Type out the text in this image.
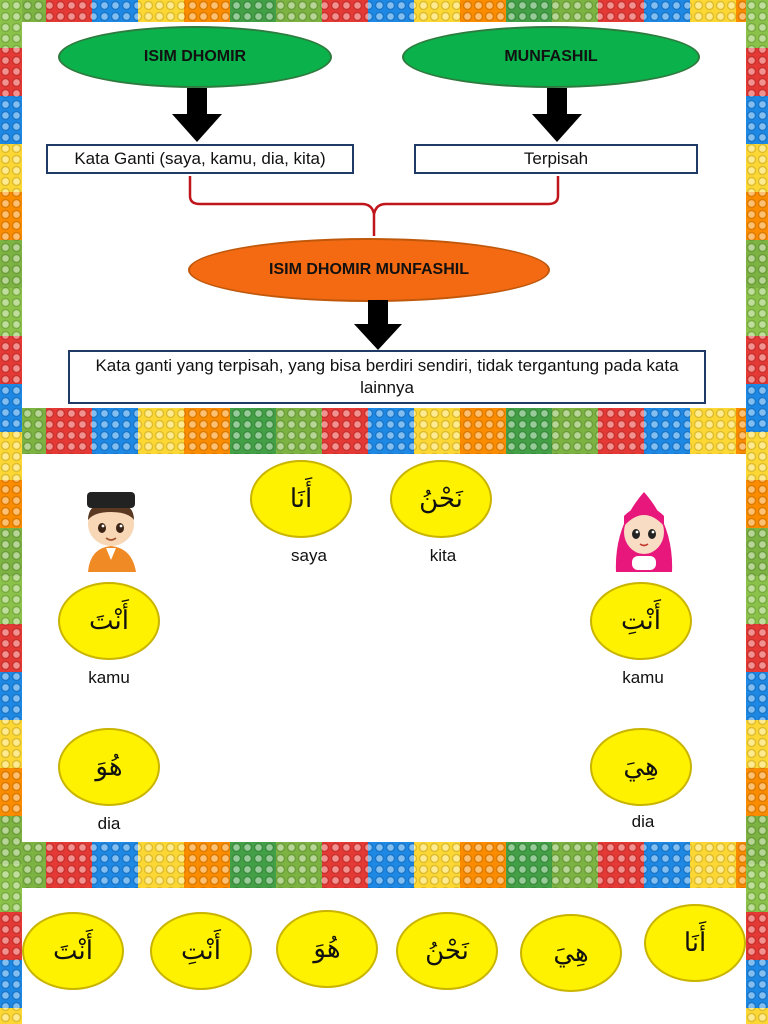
ISIM DHOMIR	MUNFASHIL
Kata Ganti (saya, kamu, dia, kita)	Terpisah
ISIM DHOMIR MUNFASHIL
Kata ganti yang terpisah, yang bisa berdiri sendiri, tidak tergantung pada kata lainnya
أَنَا
saya
نَحْنُ
kita
أَنْتَ
kamu
أَنْتِ
kamu
هُوَ
dia
هِيَ
dia
أَنْتَ	أَنْتِ	هُوَ	نَحْنُ	هِيَ	أَنَا
